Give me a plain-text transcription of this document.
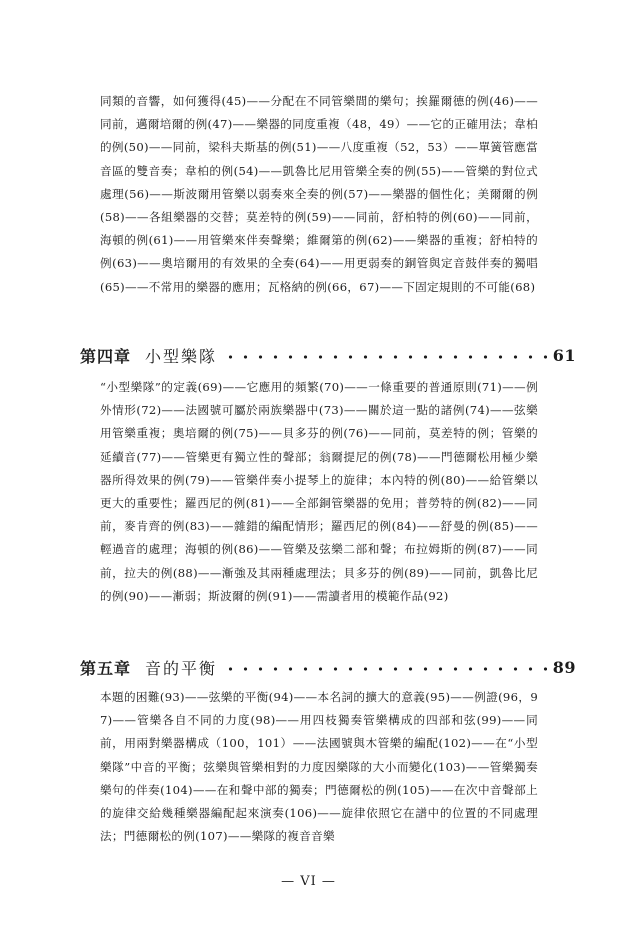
同類的音響，如何獲得(45)——分配在不同管樂間的樂句；挨羅爾德的例(46)——同前，邁爾培爾的例(47)——樂器的同度重複（48，49）——它的正確用法；韋柏的例(50)——同前，梁科夫斯基的例(51)——八度重複（52，53）——單簧管應當音區的雙音奏；韋柏的例(54)——凱魯比尼用管樂全奏的例(55)——管樂的對位式處理(56)——斯波爾用管樂以弱奏來全奏的例(57)——樂器的個性化；美爾爾的例(58)——各組樂器的交替；莫差特的例(59)——同前，舒柏特的例(60)——同前，海頓的例(61)——用管樂來伴奏聲樂；維爾第的例(62)——樂器的重複；舒柏特的例(63)——奧培爾用的有效果的全奏(64)——用更弱奏的銅管與定音鼓伴奏的獨唱(65)——不常用的樂器的應用；瓦格納的例(66，67)——下固定規則的不可能(68)
第四章 小型樂隊	61
“小型樂隊”的定義(69)——它應用的頻繁(70)——一條重要的普通原則(71)——例外情形(72)——法國號可屬於兩族樂器中(73)——關於這一點的諸例(74)——弦樂用管樂重複；奧培爾的例(75)——貝多芬的例(76)——同前，莫差特的例；管樂的延續音(77)——管樂更有獨立性的聲部；翁爾提尼的例(78)——門德爾松用極少樂器所得效果的例(79)——管樂伴奏小提琴上的旋律；本內特的例(80)——給管樂以更大的重要性；羅西尼的例(81)——全部銅管樂器的免用；普勞特的例(82)——同前，麥肯齊的例(83)——雜錯的編配情形；羅西尼的例(84)——舒曼的例(85)——輕過音的處理；海頓的例(86)——管樂及弦樂二部和聲；布拉姆斯的例(87)——同前，拉夫的例(88)——漸強及其兩種處理法；貝多芬的例(89)——同前，凱魯比尼的例(90)——漸弱；斯波爾的例(91)——需讀者用的模範作品(92)
第五章 音的平衡	89
本題的困難(93)——弦樂的平衡(94)——本名詞的擴大的意義(95)——例證(96，97)——管樂各自不同的力度(98)——用四枝獨奏管樂構成的四部和弦(99)——同前，用兩對樂器構成（100，101）——法國號與木管樂的編配(102)——在“小型樂隊”中音的平衡；弦樂與管樂相對的力度因樂隊的大小而變化(103)——管樂獨奏樂句的伴奏(104)——在和聲中部的獨奏；門德爾松的例(105)——在次中音聲部上的旋律交給幾種樂器編配起來演奏(106)——旋律依照它在譜中的位置的不同處理法；門德爾松的例(107)——樂隊的複音音樂
— VI —
